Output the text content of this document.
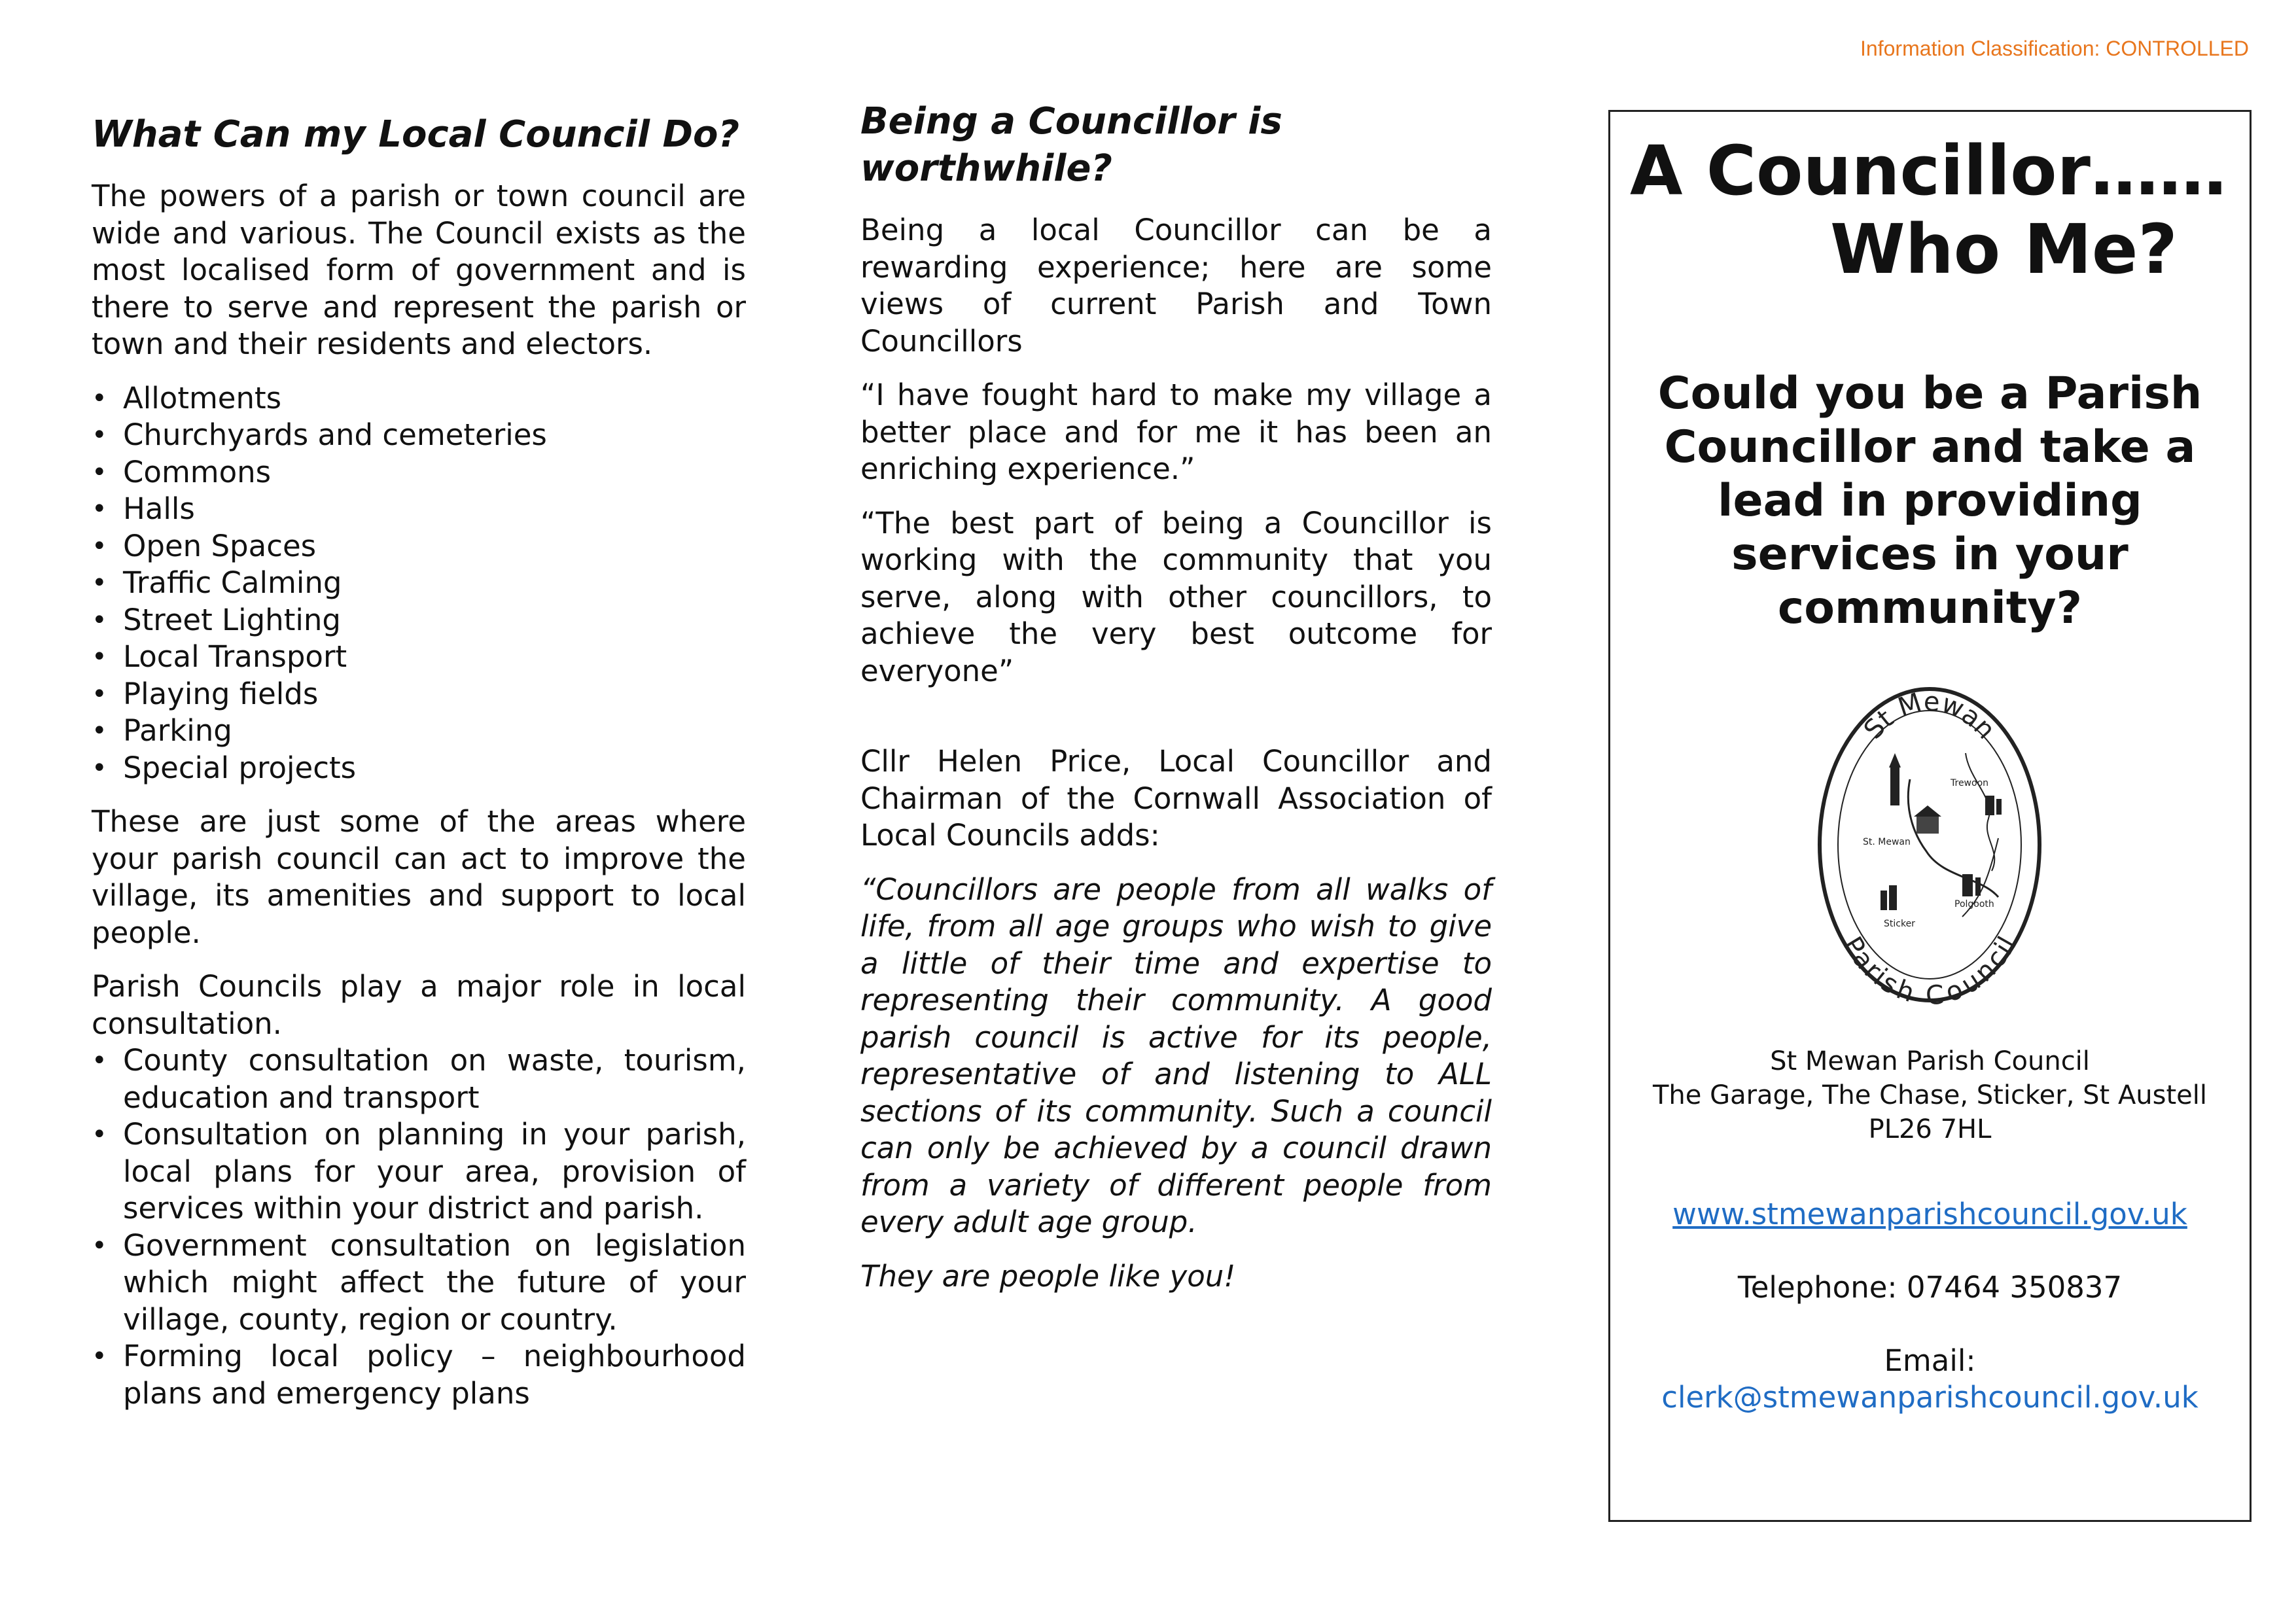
Information Classification: CONTROLLED
What Can my Local Council Do?

The powers of a parish or town council are wide and various. The Council exists as the most localised form of government and is there to serve and represent the parish or town and their residents and electors.

• Allotments
• Churchyards and cemeteries
• Commons
• Halls
• Open Spaces
• Traffic Calming
• Street Lighting
• Local Transport
• Playing fields
• Parking
• Special projects

These are just some of the areas where your parish council can act to improve the village, its amenities and support to local people.

Parish Councils play a major role in local consultation.

• County consultation on waste, tourism, education and transport
• Consultation on planning in your parish, local plans for your area, provision of services within your district and parish.
• Government consultation on legislation which might affect the future of your village, county, region or country.
• Forming local policy – neighbourhood plans and emergency plans
Being a Councillor is worthwhile?

Being a local Councillor can be a rewarding experience; here are some views of current Parish and Town Councillors

“I have fought hard to make my village a better place and for me it has been an enriching experience.”

“The best part of being a Councillor is working with the community that you serve, along with other councillors, to achieve the very best outcome for everyone”

Cllr Helen Price, Local Councillor and Chairman of the Cornwall Association of Local Councils adds:

“Councillors are people from all walks of life, from all age groups who wish to give a little of their time and expertise to representing their community. A good parish council is active for its people, representative of and listening to ALL sections of its community. Such a council can only be achieved by a council drawn from a variety of different people from every adult age group.

They are people like you!

A Councillor……
Who Me?
Could you be a Parish Councillor and take a lead in providing services in your community?
St Mewan
Parish Council
Trewoon
St. Mewan
Sticker
Polgooth
St Mewan Parish Council
The Garage, The Chase, Sticker, St Austell
PL26 7HL
www.stmewanparishcouncil.gov.uk
Telephone: 07464 350837
Email:
clerk@stmewanparishcouncil.gov.uk
